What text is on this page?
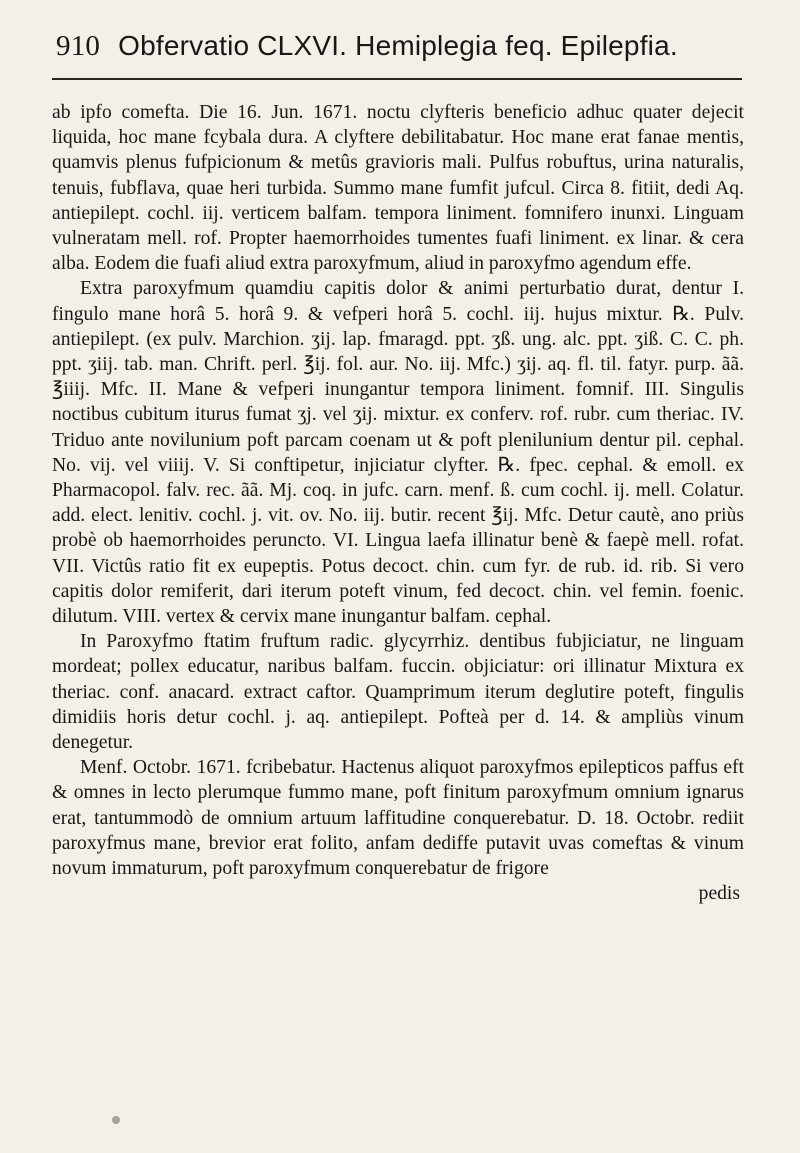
910 Obfervatio CLXVI. Hemiplegia feq. Epilepfia.

ab ipfo comefta. Die 16. Jun. 1671. noctu clyfteris beneficio adhuc quater dejecit liquida, hoc mane fcybala dura. A clyftere debilitabatur. Hoc mane erat fanae mentis, quamvis plenus fufpicionum & metûs gravioris mali. Pulfus robuftus, urina naturalis, tenuis, fubflava, quae heri turbida. Summo mane fumfit jufcul. Circa 8. fitiit, dedi Aq. antiepilept. cochl. iij. verticem balfam. tempora liniment. fomnifero inunxi. Linguam vulneratam mell. rof. Propter haemorrhoides tumentes fuafi liniment. ex linar. & cera alba. Eodem die fuafi aliud extra paroxyfmum, aliud in paroxyfmo agendum effe.

Extra paroxyfmum quamdiu capitis dolor & animi perturbatio durat, dentur I. fingulo mane horâ 5. horâ 9. & vefperi horâ 5. cochl. iij. hujus mixtur. ℞. Pulv. antiepilept. (ex pulv. Marchion. ʒij. lap. fmaragd. ppt. ʒß. ung. alc. ppt. ʒiß. C. C. ph. ppt. ʒiij. tab. man. Chrift. perl. ℥ij. fol. aur. No. iij. Mfc.) ʒij. aq. fl. til. fatyr. purp. ãã. ℥iiij. Mfc. II. Mane & vefperi inungantur tempora liniment. fomnif. III. Singulis noctibus cubitum iturus fumat ʒj. vel ʒij. mixtur. ex conferv. rof. rubr. cum theriac. IV. Triduo ante novilunium poft parcam coenam ut & poft plenilunium dentur pil. cephal. No. vij. vel viiij. V. Si conftipetur, injiciatur clyfter. ℞. fpec. cephal. & emoll. ex Pharmacopol. falv. rec. ãã. Mj. coq. in jufc. carn. menf. ß. cum cochl. ij. mell. Colatur. add. elect. lenitiv. cochl. j. vit. ov. No. iij. butir. recent ℥ij. Mfc. Detur cautè, ano priùs probè ob haemorrhoides perunctо. VI. Lingua laefa illinatur benè & faepè mell. rofat. VII. Victûs ratio fit ex eupeptis. Potus decoct. chin. cum fyr. de rub. id. rib. Si vero capitis dolor remiferit, dari iterum poteft vinum, fed decoct. chin. vel femin. foenic. dilutum. VIII. vertex & cervix mane inungantur balfam. cephal.

In Paroxyfmo ftatim fruftum radic. glycyrrhiz. dentibus fubjiciatur, ne linguam mordeat; pollex educatur, naribus balfam. fuccin. objiciatur: ori illinatur Mixtura ex theriac. conf. anacard. extract caftor. Quamprimum iterum deglutire poteft, fingulis dimidiis horis detur cochl. j. aq. antiepilept. Pofteà per d. 14. & ampliùs vinum denegetur.

Menf. Octobr. 1671. fcribebatur. Hactenus aliquot paroxyfmos epilepticos paffus eft & omnes in lecto plerumque fummo mane, poft finitum paroxyfmum omnium ignarus erat, tantummodò de omnium artuum laffitudine conquerebatur. D. 18. Octobr. rediit paroxyfmus mane, brevior erat folito, anfam dediffe putavit uvas comeftas & vinum novum immaturum, poft paroxyfmum conquerebatur de frigore

pedis
